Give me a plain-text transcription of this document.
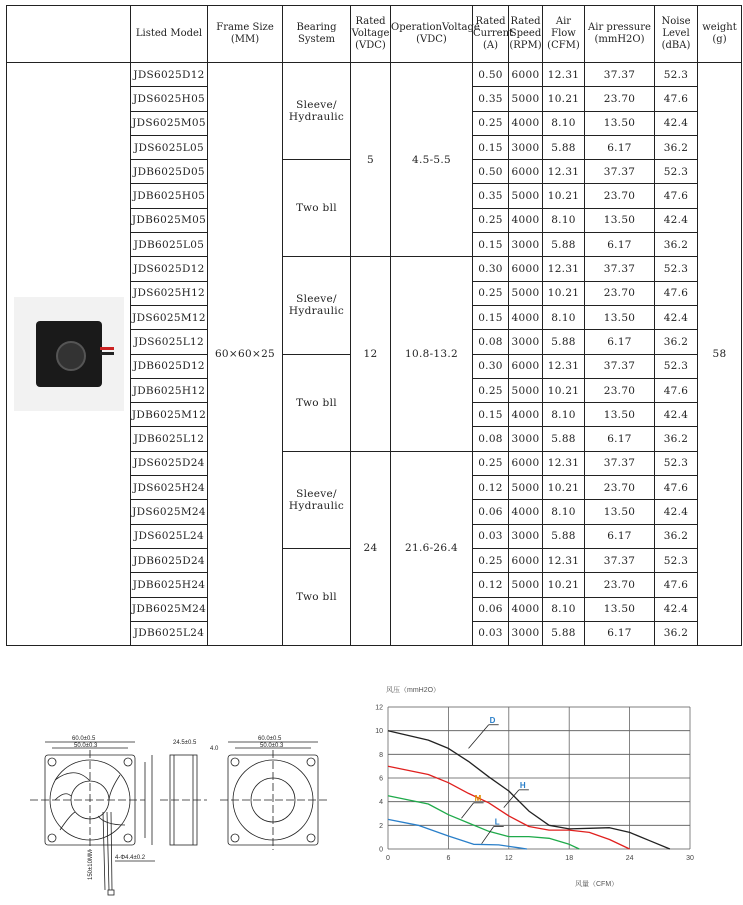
	Listed Model	Frame Size (MM)	Bearing System	Rated Voltage (VDC)	OperationVoltage (VDC)	Rated Current (A)	Rated Speed (RPM)	Air Flow (CFM)	Air pressure (mmH2O)	Noise Level (dBA)	weight (g)

	JDS6025D12	60×60×25	Sleeve/ Hydraulic	5	4.5-5.5	0.50	6000	12.31	37.37	52.3	58
	JDS6025H05					0.35	5000	10.21	23.70	47.6	
	JDS6025M05					0.25	4000	8.10	13.50	42.4	
	JDS6025L05					0.15	3000	5.88	6.17	36.2	
	JDB6025D05		Two bll			0.50	6000	12.31	37.37	52.3	
	JDB6025H05					0.35	5000	10.21	23.70	47.6	
	JDB6025M05					0.25	4000	8.10	13.50	42.4	
	JDB6025L05					0.15	3000	5.88	6.17	36.2	
	JDS6025D12		Sleeve/ Hydraulic	12	10.8-13.2	0.30	6000	12.31	37.37	52.3	
	JDS6025H12					0.25	5000	10.21	23.70	47.6	
	JDS6025M12					0.15	4000	8.10	13.50	42.4	
	JDS6025L12					0.08	3000	5.88	6.17	36.2	
	JDB6025D12		Two bll			0.30	6000	12.31	37.37	52.3	
	JDB6025H12					0.25	5000	10.21	23.70	47.6	
	JDB6025M12					0.15	4000	8.10	13.50	42.4	
	JDB6025L12					0.08	3000	5.88	6.17	36.2	
	JDS6025D24		Sleeve/ Hydraulic	24	21.6-26.4	0.25	6000	12.31	37.37	52.3	
	JDS6025H24					0.12	5000	10.21	23.70	47.6	
	JDS6025M24					0.06	4000	8.10	13.50	42.4	
	JDS6025L24					0.03	3000	5.88	6.17	36.2	
	JDB6025D24		Two bll			0.25	6000	12.31	37.37	52.3	
	JDB6025H24					0.12	5000	10.21	23.70	47.6	
	JDB6025M24					0.06	4000	8.10	13.50	42.4	
	JDB6025L24					0.03	3000	5.88	6.17	36.2	
60.0±0.5
50.0±0.3
4-Φ4.4±0.2
150±10MM
24.5±0.5
4.0
60.0±0.5
50.0±0.3
风压（mmH2O）
风量（CFM）
0
2
4
6
8
10
12
0	6	12	18	24	30
D
H
M
L
